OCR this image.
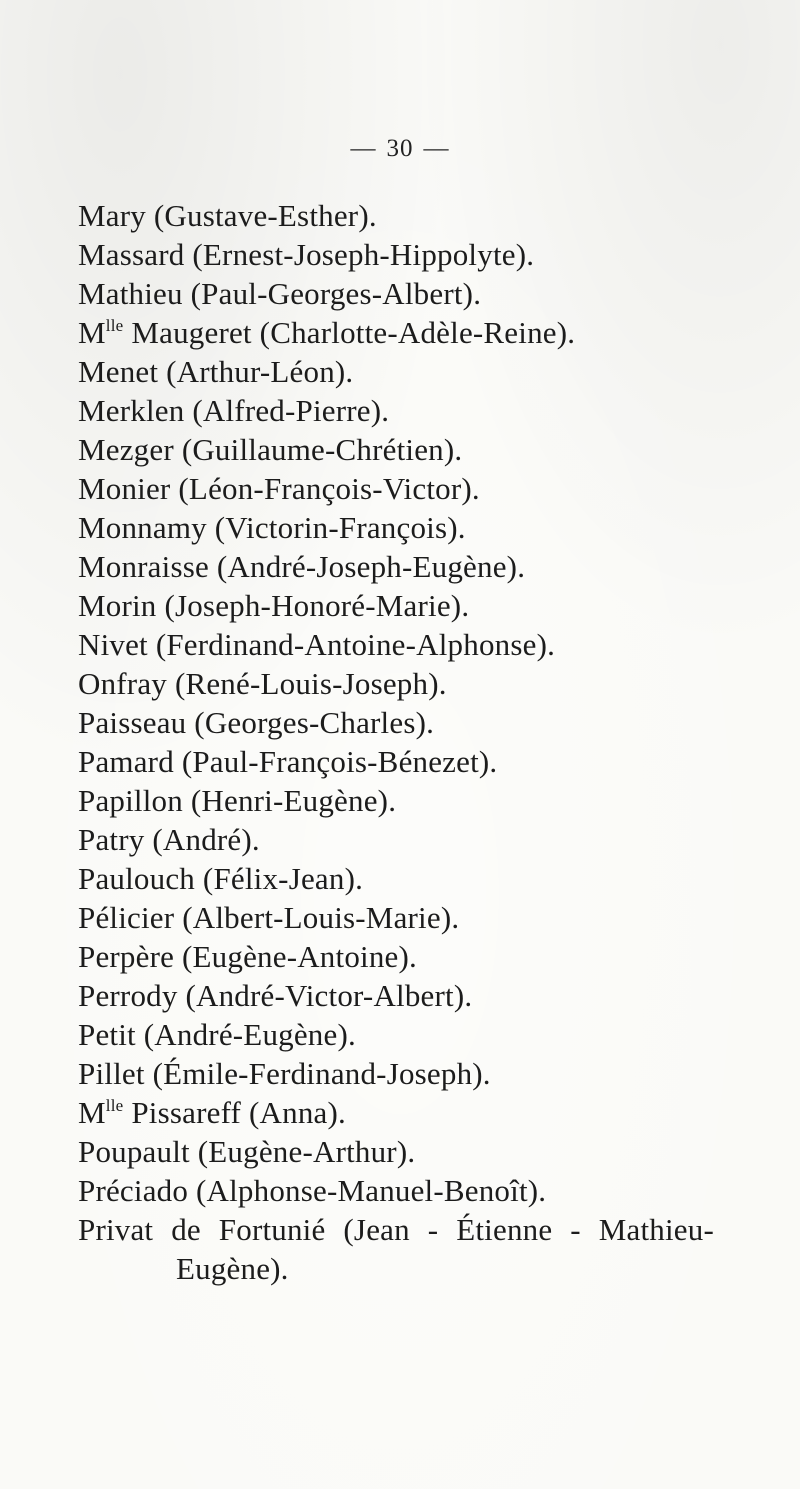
— 30 —
Mary (Gustave-Esther).
Massard (Ernest-Joseph-Hippolyte).
Mathieu (Paul-Georges-Albert).
$M^{lle}$ Maugeret (Charlotte-Adèle-Reine).
Menet (Arthur-Léon).
Merklen (Alfred-Pierre).
Mezger (Guillaume-Chrétien).
Monier (Léon-François-Victor).
Monnamy (Victorin-François).
Monraisse (André-Joseph-Eugène).
Morin (Joseph-Honoré-Marie).
Nivet (Ferdinand-Antoine-Alphonse).
Onfray (René-Louis-Joseph).
Paisseau (Georges-Charles).
Pamard (Paul-François-Bénezet).
Papillon (Henri-Eugène).
Patry (André).
Paulouch (Félix-Jean).
Pélicier (Albert-Louis-Marie).
Perpère (Eugène-Antoine).
Perrody (André-Victor-Albert).
Petit (André-Eugène).
Pillet (Émile-Ferdinand-Joseph).
$M^{lle}$ Pissareff (Anna).
Poupault (Eugène-Arthur).
Préciado (Alphonse-Manuel-Benoît).
Privat de Fortunié (Jean - Étienne - Mathieu-
Eugène).
